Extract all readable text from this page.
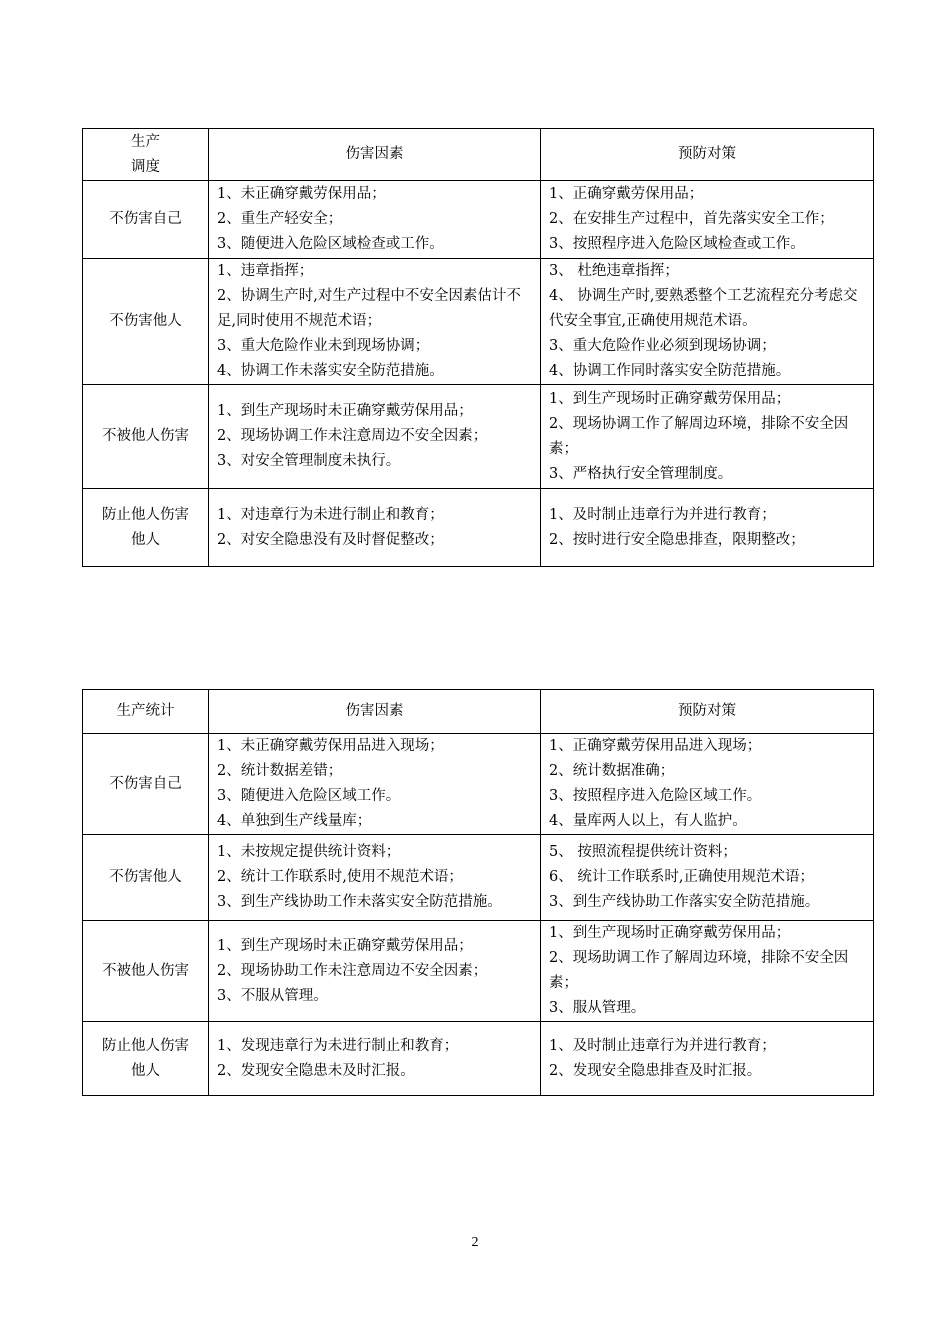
生产
调度	伤害因素	预防对策

不伤害自己	1、未正确穿戴劳保用品；
2、重生产轻安全；
3、随便进入危险区域检查或工作。	1、正确穿戴劳保用品；
2、在安排生产过程中，首先落实安全工作；
3、按照程序进入危险区域检查或工作。

不伤害他人	1、违章指挥；
2、协调生产时,对生产过程中不安全因素估计不足,同时使用不规范术语；
3、重大危险作业未到现场协调；
4、协调工作未落实安全防范措施。	3、 杜绝违章指挥；
4、 协调生产时,要熟悉整个工艺流程充分考虑交代安全事宜,正确使用规范术语。
3、重大危险作业必须到现场协调；
4、协调工作同时落实安全防范措施。

不被他人伤害	1、到生产现场时未正确穿戴劳保用品；
2、现场协调工作未注意周边不安全因素；
3、对安全管理制度未执行。	1、到生产现场时正确穿戴劳保用品；
2、现场协调工作了解周边环境，排除不安全因素；
3、严格执行安全管理制度。

防止他人伤害
他人	1、对违章行为未进行制止和教育；
2、对安全隐患没有及时督促整改；	1、及时制止违章行为并进行教育；
2、按时进行安全隐患排查，限期整改；
生产统计	伤害因素	预防对策

不伤害自己	1、未正确穿戴劳保用品进入现场；
2、统计数据差错；
3、随便进入危险区域工作。
4、单独到生产线量库；	1、正确穿戴劳保用品进入现场；
2、统计数据准确；
3、按照程序进入危险区域工作。
4、量库两人以上，有人监护。

不伤害他人	1、未按规定提供统计资料；
2、统计工作联系时,使用不规范术语；
3、到生产线协助工作未落实安全防范措施。	5、 按照流程提供统计资料；
6、 统计工作联系时,正确使用规范术语；
3、到生产线协助工作落实安全防范措施。

不被他人伤害	1、到生产现场时未正确穿戴劳保用品；
2、现场协助工作未注意周边不安全因素；
3、不服从管理。	1、到生产现场时正确穿戴劳保用品；
2、现场助调工作了解周边环境，排除不安全因素；
3、服从管理。

防止他人伤害
他人	1、发现违章行为未进行制止和教育；
2、发现安全隐患未及时汇报。	1、及时制止违章行为并进行教育；
2、发现安全隐患排查及时汇报。
2
